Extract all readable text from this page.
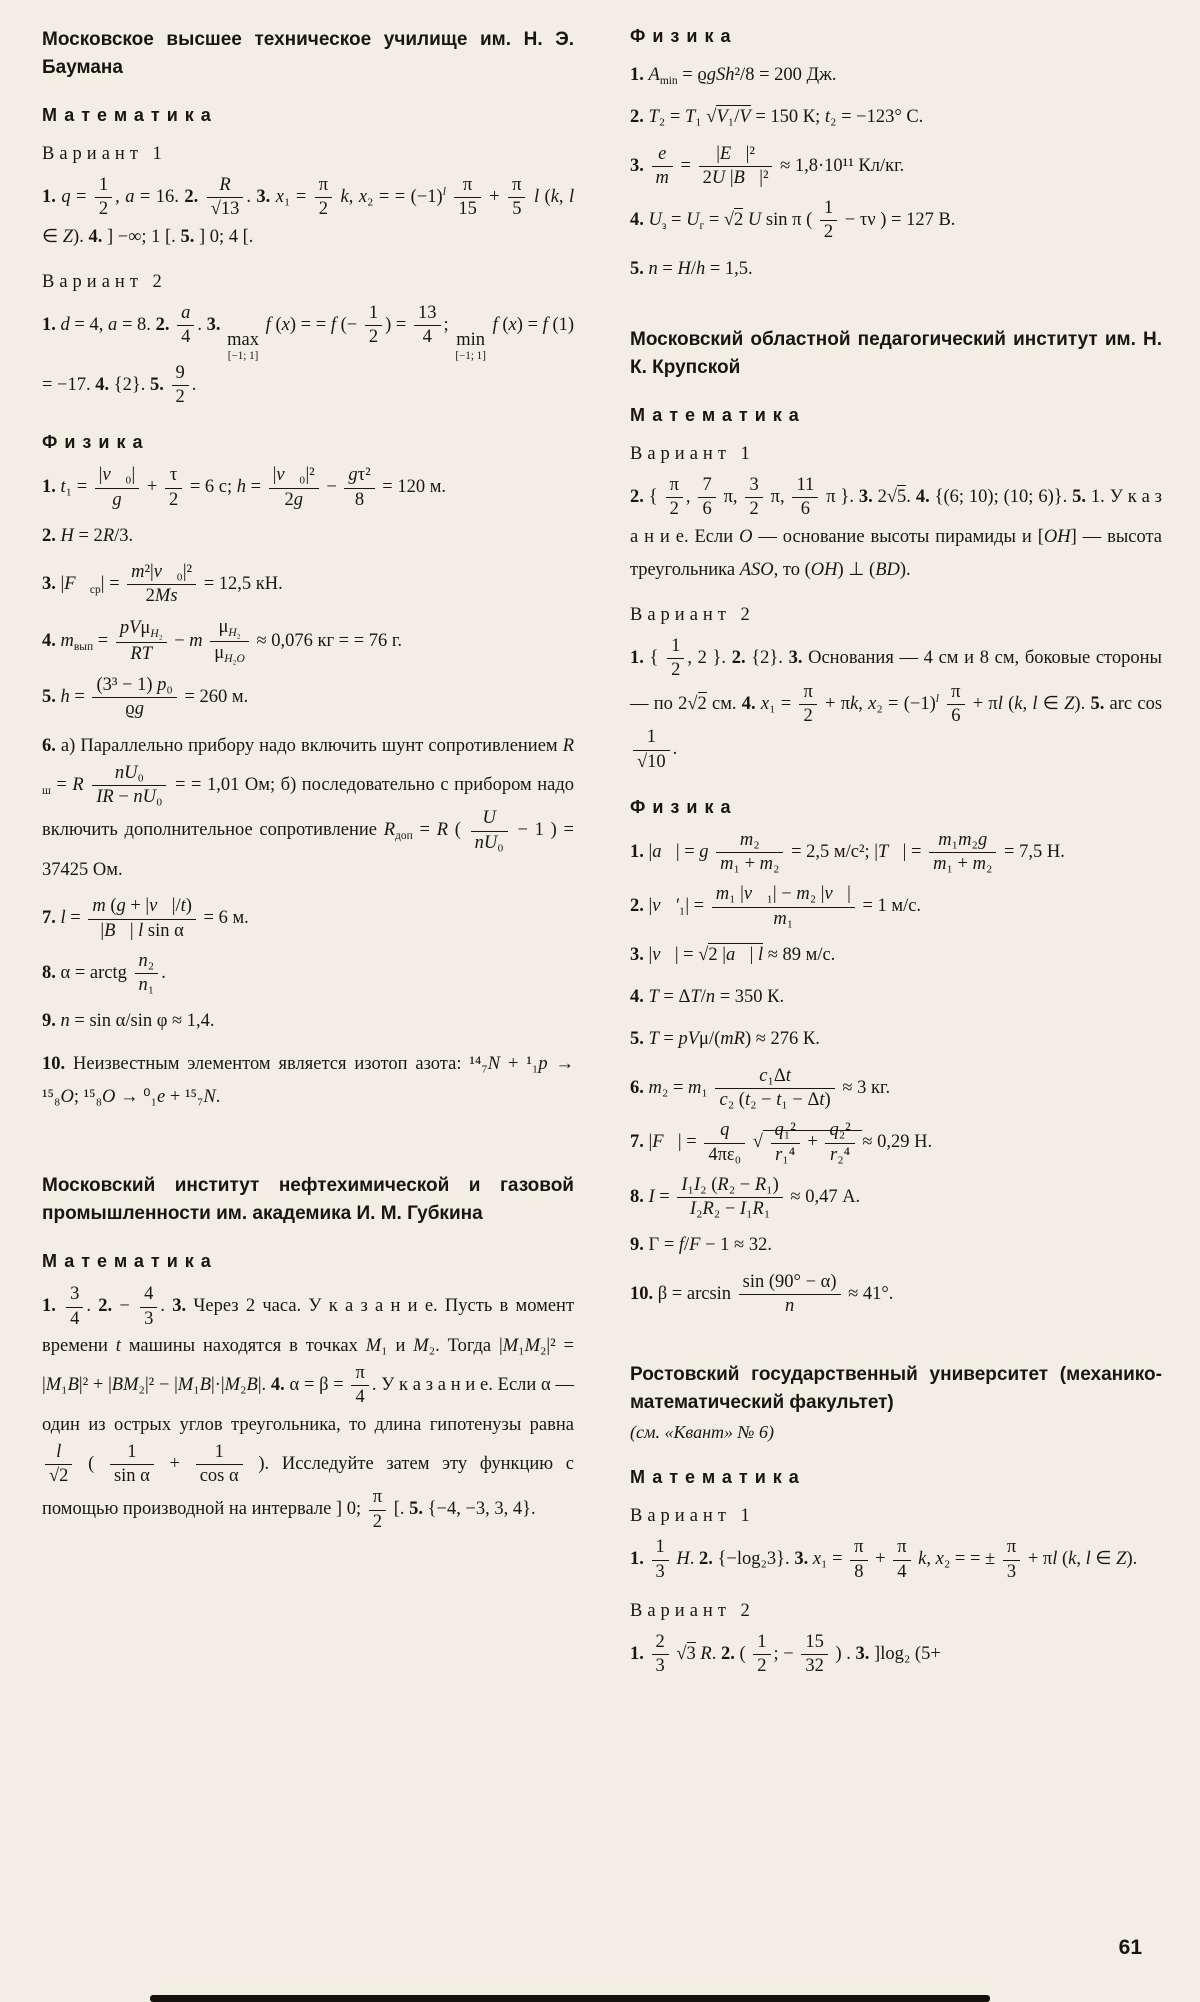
Московское высшее техническое училище им. Н. Э. Баумана
Математика
Вариант 1
1. $q = \frac{1}{2}$ , a = 16. 2. $\frac{R}{√13}$ . 3. $x_1 = \frac{\pi}{2} k$, x₂ = = $(-1)l \frac{\pi}{15} + \frac{\pi}{5}$ l (k, l ∈ Z). 4. ] −∞; 1 [. 5. ] 0; 4 [.
Вариант 2
1. d = 4, a = 8. 2. $\frac{a}{4}$ . 3.
max
[−1; 1]
f (x) = = f (− $\frac{1}{2}$ ) = $\frac{13}{4}$ ;
min
[−1; 1]
f (x) = f (1) = −17. 4. {2}. 5. $\frac{9}{2}$ .
Физика
1. $t_1 = \frac{\text{|v⃗₀|}}{g} + \frac{\tau}{2} = 6$ с; $h = \frac{\text{|v⃗₀|²}}{2g} - \frac{\text{gτ²}}{8} = 120$ м.
2. H = 2R/3.
3. |F⃗ср| = $\frac{\text{m²|v⃗₀|²}}{2Ms} = 12,5$ кН.
4. mвып = $\frac{\text{pVμH₂}}{RT} - m \frac{\text{μH₂}}{\text{μH₂O}} \approx 0,076$ кг = = 76 г.
5. $h = \frac{\text{(3³ − 1) p₀}}{ϱg} = 260$ м.
6. а) Параллельно прибору надо включить шунт сопротивлением Rш = R $\frac{\text{nU₀}}{\text{IR − nU₀}}$ = = 1,01 Ом; б) последовательно с прибором надо включить дополнительное сопротивление Rдоп = R ( $\frac{U}{\text{nU₀}} - 1$ ) = 37425 Ом.
7. $l = \frac{m (g + |v⃗|/t)}{\text{|B⃗| l sin α}} = 6$ м.
8. α = arctg $\frac{\text{n₂}}{\text{n₁}}$ .
9. n = sin α/sin φ ≈ 1,4.
10. Неизвестным элементом является изотоп азота: ¹⁴₇N + ¹₁p → ¹⁵₈O; ¹⁵₈O → ⁰₁e + ¹⁵₇N.
Московский институт нефтехимической и газовой промышленности им. академика И. М. Губкина
Математика
1. $\frac{3}{4}$ . 2. − $\frac{4}{3}$ . 3. Через 2 часа. У к а з а н и е. Пусть в момент времени t машины находятся в точках M₁ и M₂. Тогда |M₁M₂|² = |M₁B|² + |BM₂|² − |M₁B|·|M₂B|. 4. $\alpha = \beta = \frac{\pi}{4}$ . У к а з а н и е. Если α — один из острых углов треугольника, то длина гипотенузы равна
$\frac{l}{√2}$ ( $\frac{1}{\text{sin α}} + \frac{1}{\text{cos α}}$ ). Исследуйте затем эту функцию с помощью производной на интервале ] 0; $\frac{\pi}{2}$ [. 5. {−4, −3, 3, 4}.
Физика
1. Amin = ϱgSh²/8 = 200 Дж.
2. T₂ = T₁ √V₁/V = 150 К; t₂ = −123° С.
3. $\frac{e}{m} = \frac{\text{|E⃗|²}}{\text{2U |B⃗|²}} \approx 1,8\cdot 10^{11}$ Кл/кг.
4. Uз = Uг = √2 U sin π ( $\frac{1}{2} - \tau\nu$ ) = 127 В.
5. n = H/h = 1,5.
Московский областной педагогический институт им. Н. К. Крупской
Математика
Вариант 1
2. { $\frac{\pi}{2}$ , $\frac{7}{6} \pi$, $\frac{3}{2} \pi$, $\frac{11}{6}$ π }. 3. 2√5. 4. {(6; 10); (10; 6)}. 5. 1. У к а з а н и е. Если O — основание высоты пирамиды и [OH] — высота треугольника ASO, то (OH) ⊥ (BD).
Вариант 2
1. { $\frac{1}{2}$ , 2 }. 2. {2}. 3. Основания — 4 см и 8 см, боковые стороны — по 2√2 см. 4. $x_1 = \frac{\pi}{2} + \pi k$, $x_2 = (-1)l \frac{\pi}{6} + \pi l$ (k, l ∈ Z). 5. arc cos
$\frac{1}{√10}$ .
Физика
1. |a⃗| = g $\frac{\text{m₂}}{\text{m₁ + m₂}} = 2,5$ м/с²; |T⃗| = $\frac{\text{m₁m₂g}}{\text{m₁ + m₂}} = 7,5$ Н.
2. |v⃗′₁| = $\frac{\text{m₁ |v⃗₁| − m₂ |v⃗|}}{\text{m₁}} = 1$ м/с.
3. |v⃗| = √2 |a⃗| l ≈ 89 м/с.
4. T = ΔT/n = 350 К.
5. T = pVμ/(mR) ≈ 276 К.
6. $m_2 = m_1 \frac{\text{c₁Δt}}{\text{c₂ (t₂ − t₁ − Δt)}} \approx 3$ кг.
7. |F⃗| = $\frac{q}{\text{4πε₀}}$ √ $\frac{\text{q₁²}}{\text{r₁⁴}} + \frac{\text{q₂²}}{\text{r₂⁴}} \approx 0,29$ Н.
8. $I = \frac{\text{I₁I₂ (R₂ − R₁)}}{\text{I₂R₂ − I₁R₁}} \approx 0,47$ А.
9. Г = f/F − 1 ≈ 32.
10. $\beta = \arcsin \frac{\sin (90^\circ - \alpha)}{n} \approx 41^\circ$.
Ростовский государственный университет (механико-математический факультет)
(см. «Квант» № 6)
Математика
Вариант 1
1. $\frac{1}{3} H$. 2. {−log₂3}. 3. $x_1 = \frac{\pi}{8} + \frac{\pi}{4} k$, x₂ = = ± $\frac{\pi}{3} + \pi l$ (k, l ∈ Z).
Вариант 2
1. $\frac{2}{3} √3$ R. 2. ( $\frac{1}{2}$ ; − $\frac{15}{32}$ ) . 3. ]log₂ (5+
61
